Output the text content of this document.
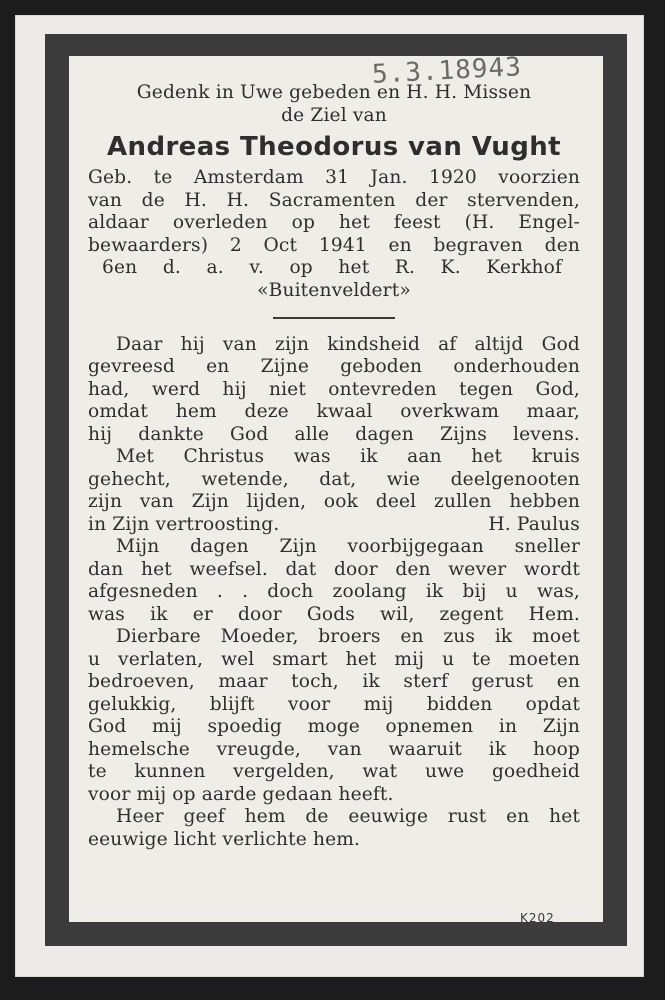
5.3.18943
Gedenk in Uwe gebeden en H. H. Missen
de Ziel van
Andreas Theodorus van Vught
Geb. te Amsterdam 31 Jan. 1920 voorzien
van de H. H. Sacramenten der stervenden,
aldaar overleden op het feest (H. Engel-
bewaarders) 2 Oct 1941 en begraven den
6en d. a. v. op het R. K. Kerkhof
«Buitenveldert»
Daar hij van zijn kindsheid af altijd God
gevreesd en Zijne geboden onderhouden
had, werd hij niet ontevreden tegen God,
omdat hem deze kwaal overkwam maar,
hij dankte God alle dagen Zijns levens.
Met Christus was ik aan het kruis
gehecht, wetende, dat, wie deelgenooten
zijn van Zijn lijden, ook deel zullen hebben
in Zijn vertroosting.	H. Paulus
Mijn dagen Zijn voorbijgegaan sneller
dan het weefsel. dat door den wever wordt
afgesneden . . doch zoolang ik bij u was,
was ik er door Gods wil, zegent Hem.
Dierbare Moeder, broers en zus ik moet
u verlaten, wel smart het mij u te moeten
bedroeven, maar toch, ik sterf gerust en
gelukkig, blijft voor mij bidden opdat
God mij spoedig moge opnemen in Zijn
hemelsche vreugde, van waaruit ik hoop
te kunnen vergelden, wat uwe goedheid
voor mij op aarde gedaan heeft.
Heer geef hem de eeuwige rust en het
eeuwige licht verlichte hem.
K202
